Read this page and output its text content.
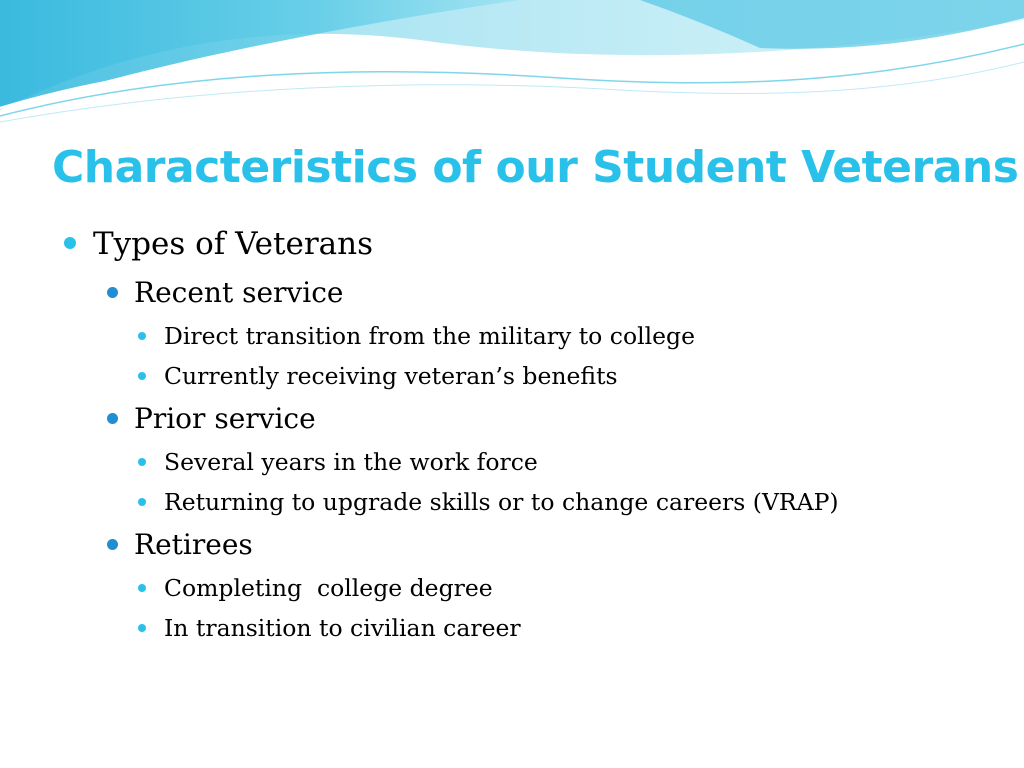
Characteristics of our Student Veterans
Types of Veterans
Recent service
Direct transition from the military to college
Currently receiving veteran’s benefits
Prior service
Several years in the work force
Returning to upgrade skills or to change careers (VRAP)
Retirees
Completing  college degree
In transition to civilian career
